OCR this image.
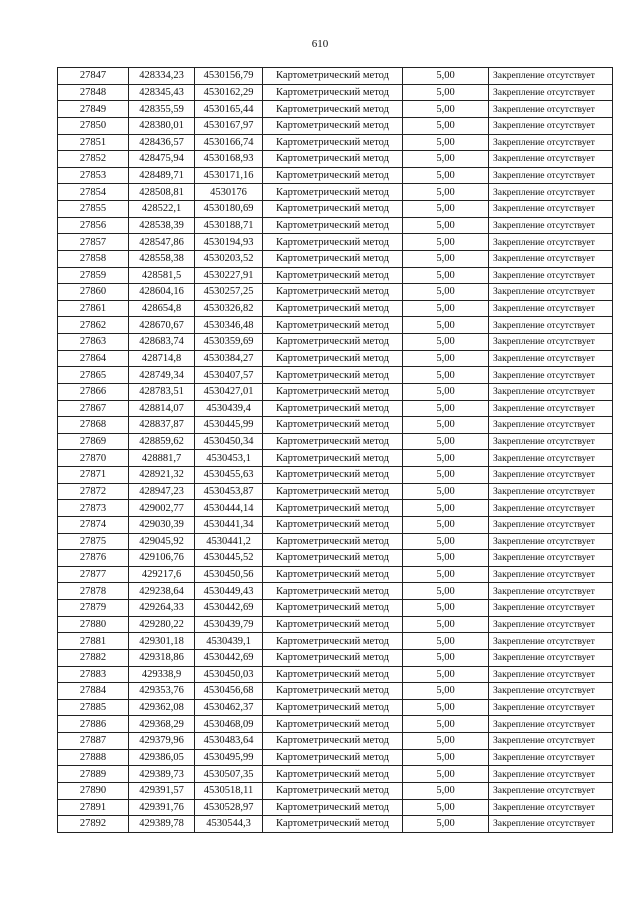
610
27847	428334,23	4530156,79	Картометрический метод	5,00	Закрепление отсутствует
27848	428345,43	4530162,29	Картометрический метод	5,00	Закрепление отсутствует
27849	428355,59	4530165,44	Картометрический метод	5,00	Закрепление отсутствует
27850	428380,01	4530167,97	Картометрический метод	5,00	Закрепление отсутствует
27851	428436,57	4530166,74	Картометрический метод	5,00	Закрепление отсутствует
27852	428475,94	4530168,93	Картометрический метод	5,00	Закрепление отсутствует
27853	428489,71	4530171,16	Картометрический метод	5,00	Закрепление отсутствует
27854	428508,81	4530176	Картометрический метод	5,00	Закрепление отсутствует
27855	428522,1	4530180,69	Картометрический метод	5,00	Закрепление отсутствует
27856	428538,39	4530188,71	Картометрический метод	5,00	Закрепление отсутствует
27857	428547,86	4530194,93	Картометрический метод	5,00	Закрепление отсутствует
27858	428558,38	4530203,52	Картометрический метод	5,00	Закрепление отсутствует
27859	428581,5	4530227,91	Картометрический метод	5,00	Закрепление отсутствует
27860	428604,16	4530257,25	Картометрический метод	5,00	Закрепление отсутствует
27861	428654,8	4530326,82	Картометрический метод	5,00	Закрепление отсутствует
27862	428670,67	4530346,48	Картометрический метод	5,00	Закрепление отсутствует
27863	428683,74	4530359,69	Картометрический метод	5,00	Закрепление отсутствует
27864	428714,8	4530384,27	Картометрический метод	5,00	Закрепление отсутствует
27865	428749,34	4530407,57	Картометрический метод	5,00	Закрепление отсутствует
27866	428783,51	4530427,01	Картометрический метод	5,00	Закрепление отсутствует
27867	428814,07	4530439,4	Картометрический метод	5,00	Закрепление отсутствует
27868	428837,87	4530445,99	Картометрический метод	5,00	Закрепление отсутствует
27869	428859,62	4530450,34	Картометрический метод	5,00	Закрепление отсутствует
27870	428881,7	4530453,1	Картометрический метод	5,00	Закрепление отсутствует
27871	428921,32	4530455,63	Картометрический метод	5,00	Закрепление отсутствует
27872	428947,23	4530453,87	Картометрический метод	5,00	Закрепление отсутствует
27873	429002,77	4530444,14	Картометрический метод	5,00	Закрепление отсутствует
27874	429030,39	4530441,34	Картометрический метод	5,00	Закрепление отсутствует
27875	429045,92	4530441,2	Картометрический метод	5,00	Закрепление отсутствует
27876	429106,76	4530445,52	Картометрический метод	5,00	Закрепление отсутствует
27877	429217,6	4530450,56	Картометрический метод	5,00	Закрепление отсутствует
27878	429238,64	4530449,43	Картометрический метод	5,00	Закрепление отсутствует
27879	429264,33	4530442,69	Картометрический метод	5,00	Закрепление отсутствует
27880	429280,22	4530439,79	Картометрический метод	5,00	Закрепление отсутствует
27881	429301,18	4530439,1	Картометрический метод	5,00	Закрепление отсутствует
27882	429318,86	4530442,69	Картометрический метод	5,00	Закрепление отсутствует
27883	429338,9	4530450,03	Картометрический метод	5,00	Закрепление отсутствует
27884	429353,76	4530456,68	Картометрический метод	5,00	Закрепление отсутствует
27885	429362,08	4530462,37	Картометрический метод	5,00	Закрепление отсутствует
27886	429368,29	4530468,09	Картометрический метод	5,00	Закрепление отсутствует
27887	429379,96	4530483,64	Картометрический метод	5,00	Закрепление отсутствует
27888	429386,05	4530495,99	Картометрический метод	5,00	Закрепление отсутствует
27889	429389,73	4530507,35	Картометрический метод	5,00	Закрепление отсутствует
27890	429391,57	4530518,11	Картометрический метод	5,00	Закрепление отсутствует
27891	429391,76	4530528,97	Картометрический метод	5,00	Закрепление отсутствует
27892	429389,78	4530544,3	Картометрический метод	5,00	Закрепление отсутствует
